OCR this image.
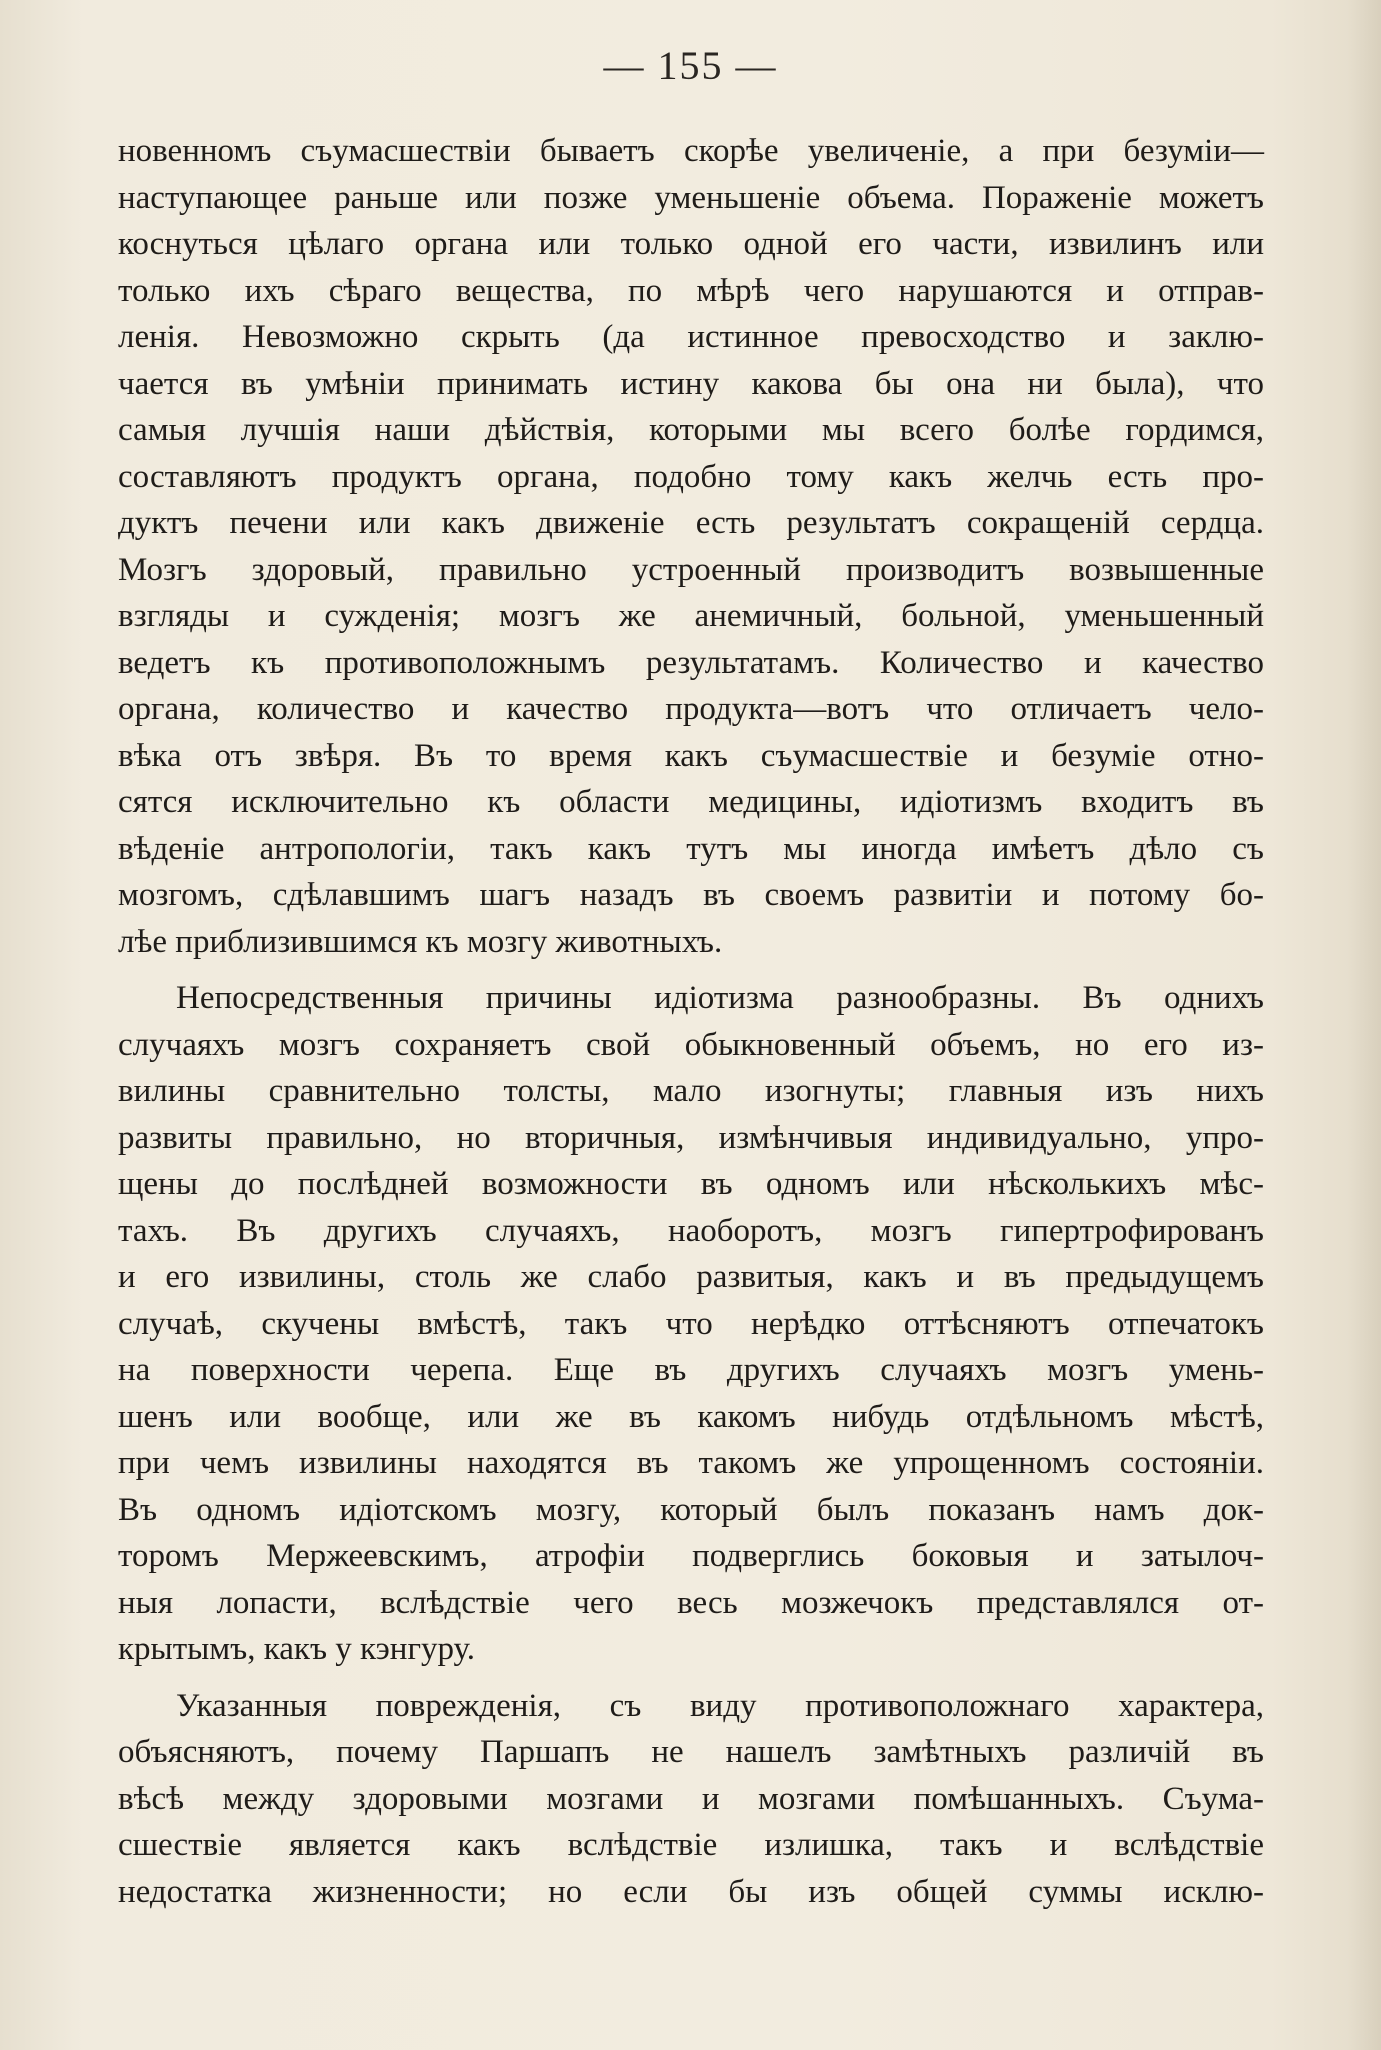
— 155 —
новенномъ съумасшествіи бываетъ скорѣе увеличеніе, а при безуміи—
наступающее раньше или позже уменьшеніе объема. Пораженіе можетъ
коснуться цѣлаго органа или только одной его части, извилинъ или
только ихъ сѣраго вещества, по мѣрѣ чего нарушаются и отправ-
ленія. Невозможно скрыть (да истинное превосходство и заклю-
чается въ умѣніи принимать истину какова бы она ни была), что
самыя лучшія наши дѣйствія, которыми мы всего болѣе гордимся,
составляютъ продуктъ органа, подобно тому какъ желчь есть про-
дуктъ печени или какъ движеніе есть результатъ сокращеній сердца.
Мозгъ здоровый, правильно устроенный производитъ возвышенные
взгляды и сужденія; мозгъ же анемичный, больной, уменьшенный
ведетъ къ противоположнымъ результатамъ. Количество и качество
органа, количество и качество продукта—вотъ что отличаетъ чело-
вѣка отъ звѣря. Въ то время какъ съумасшествіе и безуміе отно-
сятся исключительно къ области медицины, идіотизмъ входитъ въ
вѣденіе антропологіи, такъ какъ тутъ мы иногда имѣетъ дѣло съ
мозгомъ, сдѣлавшимъ шагъ назадъ въ своемъ развитіи и потому бо-
лѣе приблизившимся къ мозгу животныхъ.
Непосредственныя причины идіотизма разнообразны. Въ однихъ
случаяхъ мозгъ сохраняетъ свой обыкновенный объемъ, но его из-
вилины сравнительно толсты, мало изогнуты; главныя изъ нихъ
развиты правильно, но вторичныя, измѣнчивыя индивидуально, упро-
щены до послѣдней возможности въ одномъ или нѣсколькихъ мѣс-
тахъ. Въ другихъ случаяхъ, наоборотъ, мозгъ гипертрофированъ
и его извилины, столь же слабо развитыя, какъ и въ предыдущемъ
случаѣ, скучены вмѣстѣ, такъ что нерѣдко оттѣсняютъ отпечатокъ
на поверхности черепа. Еще въ другихъ случаяхъ мозгъ умень-
шенъ или вообще, или же въ какомъ нибудь отдѣльномъ мѣстѣ,
при чемъ извилины находятся въ такомъ же упрощенномъ состояніи.
Въ одномъ идіотскомъ мозгу, который былъ показанъ намъ док-
торомъ Мержеевскимъ, атрофіи подверглись боковыя и затылоч-
ныя лопасти, вслѣдствіе чего весь мозжечокъ представлялся от-
крытымъ, какъ у кэнгуру.
Указанныя поврежденія, съ виду противоположнаго характера,
объясняютъ, почему Паршапъ не нашелъ замѣтныхъ различій въ
вѣсѣ между здоровыми мозгами и мозгами помѣшанныхъ. Съума-
сшествіе является какъ вслѣдствіе излишка, такъ и вслѣдствіе
недостатка жизненности; но если бы изъ общей суммы исклю-
